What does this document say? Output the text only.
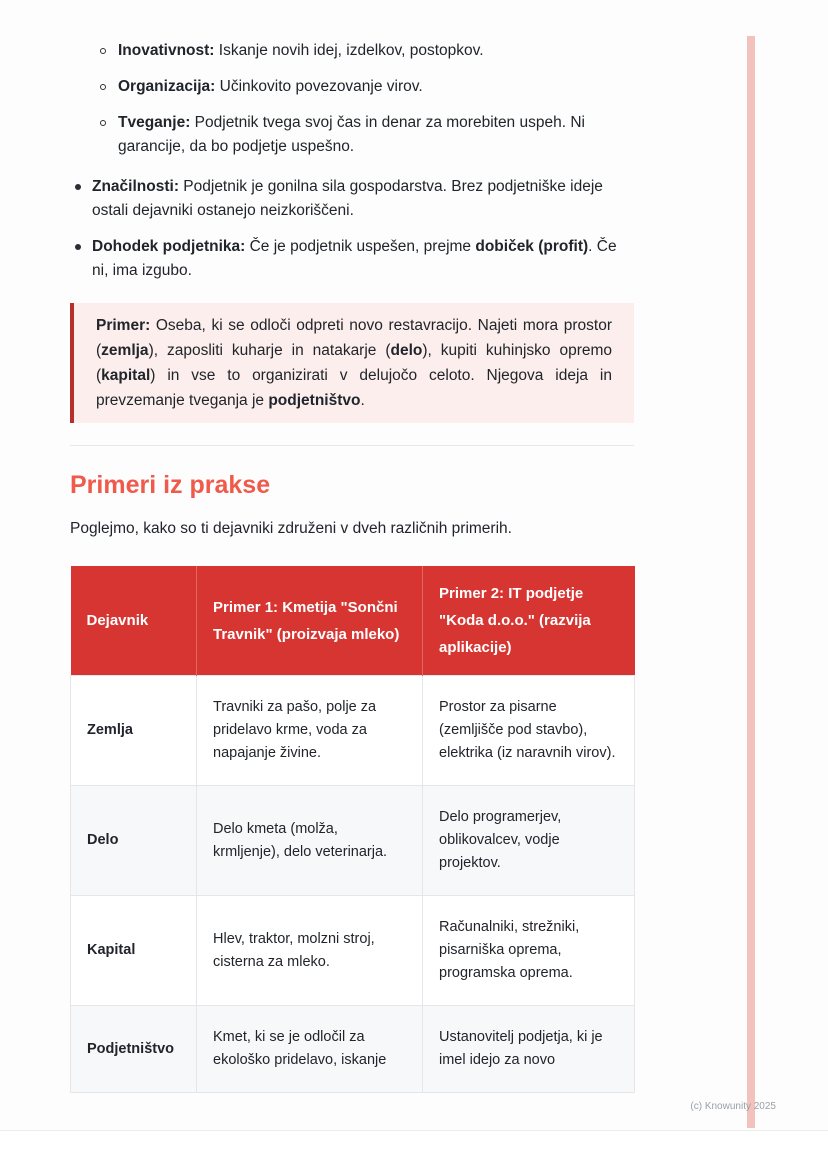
Inovativnost: Iskanje novih idej, izdelkov, postopkov.

Organizacija: Učinkovito povezovanje virov.

Tveganje: Podjetnik tvega svoj čas in denar za morebiten uspeh. Ni garancije, da bo podjetje uspešno.

Značilnosti: Podjetnik je gonilna sila gospodarstva. Brez podjetniške ideje ostali dejavniki ostanejo neizkoriščeni.

Dohodek podjetnika: Če je podjetnik uspešen, prejme dobiček (profit). Če ni, ima izgubo.

Primer: Oseba, ki se odloči odpreti novo restavracijo. Najeti mora prostor (zemlja), zaposliti kuharje in natakarje (delo), kupiti kuhinjsko opremo (kapital) in vse to organizirati v delujočo celoto. Njegova ideja in prevzemanje tveganja je podjetništvo.

Primeri iz prakse

Poglejmo, kako so ti dejavniki združeni v dveh različnih primerih.

Dejavnik	Primer 1: Kmetija "Sončni Travnik" (proizvaja mleko)	Primer 2: IT podjetje "Koda d.o.o." (razvija aplikacije)
Zemlja	Travniki za pašo, polje za pridelavo krme, voda za napajanje živine.	Prostor za pisarne (zemljišče pod stavbo), elektrika (iz naravnih virov).
Delo	Delo kmeta (molža, krmljenje), delo veterinarja.	Delo programerjev, oblikovalcev, vodje projektov.
Kapital	Hlev, traktor, molzni stroj, cisterna za mleko.	Računalniki, strežniki, pisarniška oprema, programska oprema.
Podjetništvo	Kmet, ki se je odločil za ekološko pridelavo, iskanje	Ustanovitelj podjetja, ki je imel idejo za novo
(c) Knowunity 2025
